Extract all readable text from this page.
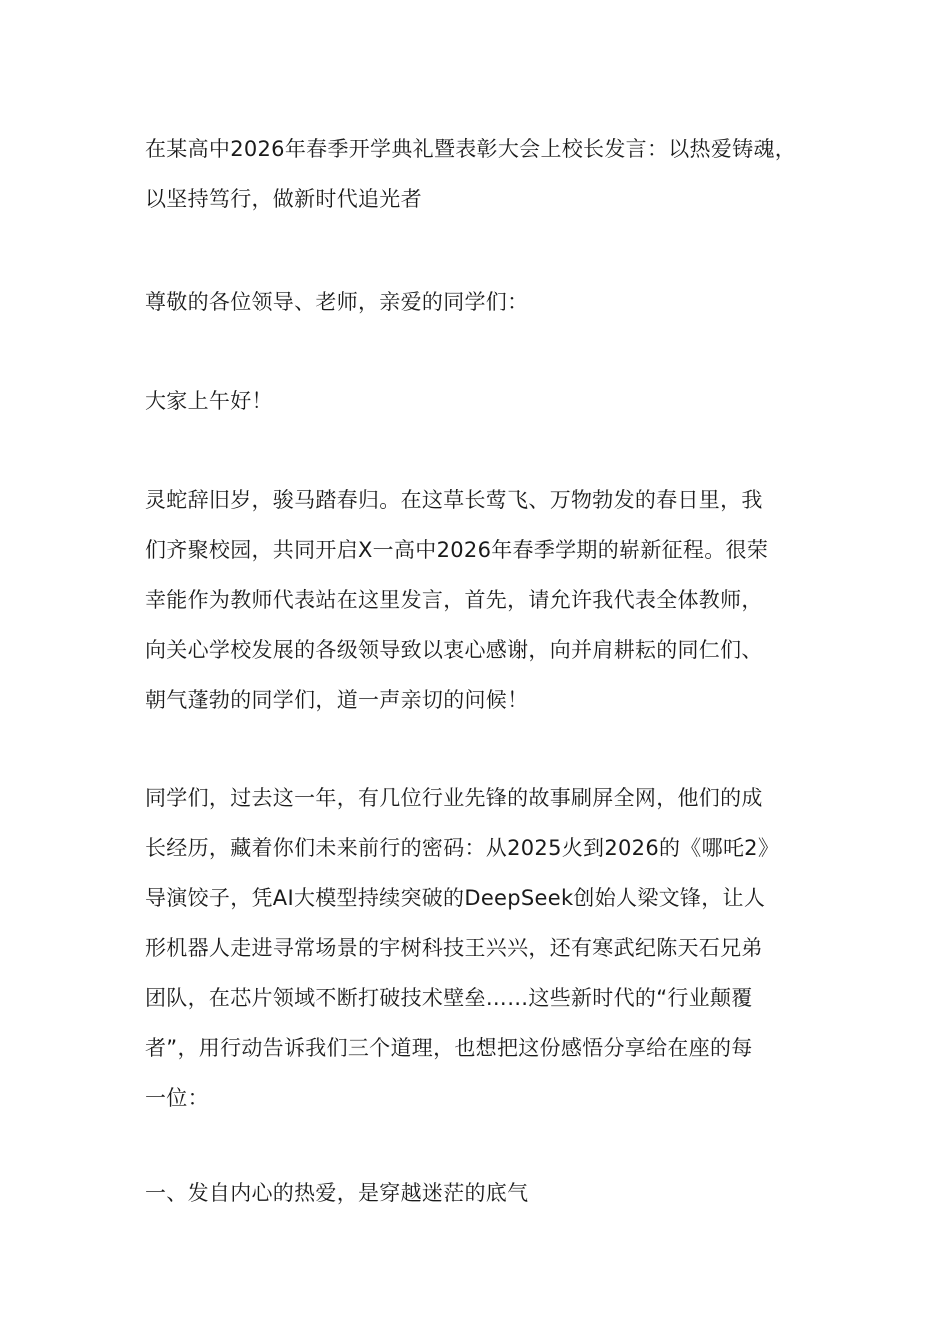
在某高中2026年春季开学典礼暨表彰大会上校长发言：以热爱铸魂，
以坚持笃行，做新时代追光者
尊敬的各位领导、老师，亲爱的同学们：
大家上午好！
灵蛇辞旧岁，骏马踏春归。在这草长莺飞、万物勃发的春日里，我
们齐聚校园，共同开启X一高中2026年春季学期的崭新征程。很荣
幸能作为教师代表站在这里发言，首先，请允许我代表全体教师，
向关心学校发展的各级领导致以衷心感谢，向并肩耕耘的同仁们、
朝气蓬勃的同学们，道一声亲切的问候！
同学们，过去这一年，有几位行业先锋的故事刷屏全网，他们的成
长经历，藏着你们未来前行的密码：从2025火到2026的《哪吒2》
导演饺子，凭AI大模型持续突破的DeepSeek创始人梁文锋，让人
形机器人走进寻常场景的宇树科技王兴兴，还有寒武纪陈天石兄弟
团队，在芯片领域不断打破技术壁垒……这些新时代的“行业颠覆
者”，用行动告诉我们三个道理，也想把这份感悟分享给在座的每
一位：
一、发自内心的热爱，是穿越迷茫的底气
